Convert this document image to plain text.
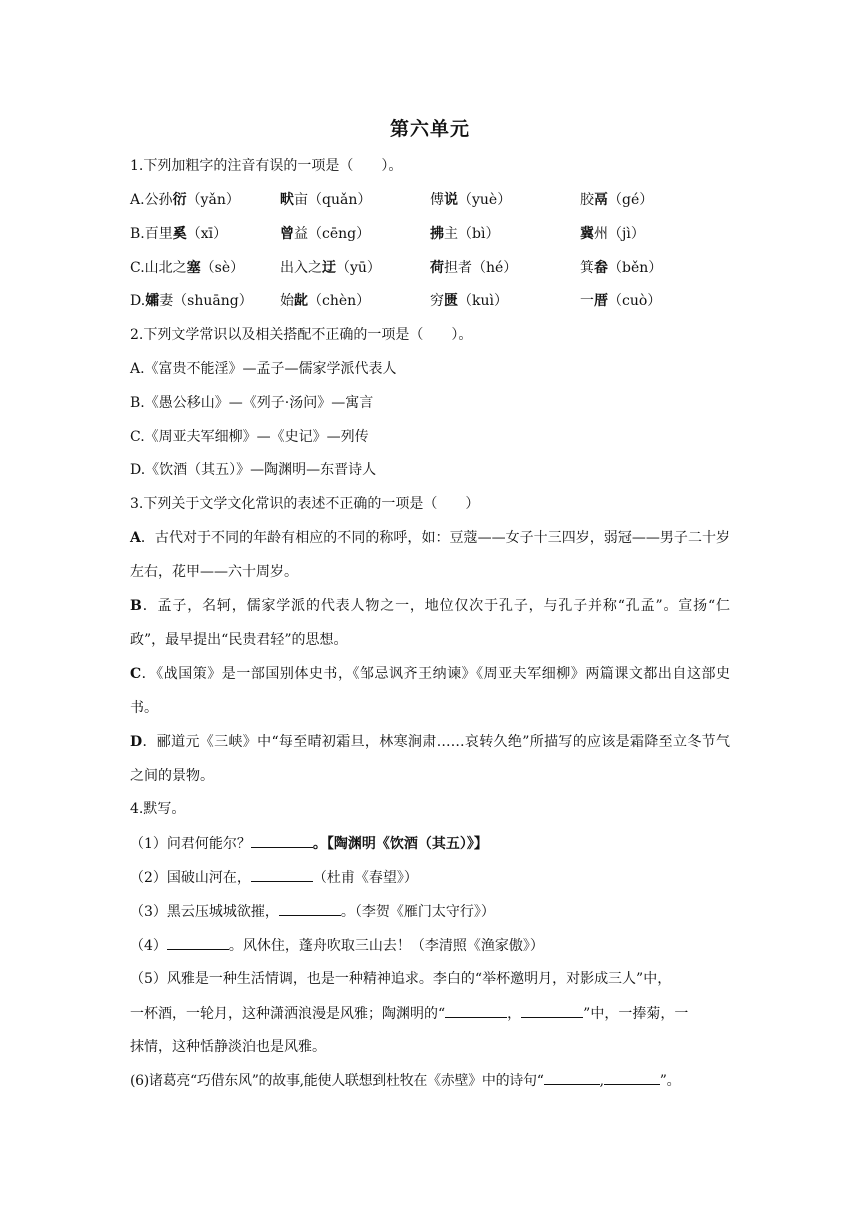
第六单元
1.下列加粗字的注音有误的一项是（　　）。
A.公孙衍（yǎn）	畎亩（quǎn）	傅说（yuè）	胶鬲（gé）
B.百里奚（xī）	曾益（cēng）	拂主（bì）	冀州（jì）
C.山北之塞（sè）	出入之迂（yū）	荷担者（hé）	箕畚（běn）
D.孀妻（shuāng） 始龀（chèn）	穷匮（kuì）	一厝（cuò）
2.下列文学常识以及相关搭配不正确的一项是（　　）。
A.《富贵不能淫》—孟子—儒家学派代表人
B.《愚公移山》—《列子·汤问》—寓言
C.《周亚夫军细柳》—《史记》—列传
D.《饮酒（其五）》—陶渊明—东晋诗人
3.下列关于文学文化常识的表述不正确的一项是（　　）
A．古代对于不同的年龄有相应的不同的称呼，如：豆蔻——女子十三四岁，弱冠——男子二十岁左右，花甲——六十周岁。
B．孟子，名轲，儒家学派的代表人物之一，地位仅次于孔子，与孔子并称“孔孟”。宣扬“仁政”，最早提出“民贵君轻”的思想。
C．《战国策》是一部国别体史书，《邹忌讽齐王纳谏》《周亚夫军细柳》两篇课文都出自这部史书。
D．郦道元《三峡》中“每至晴初霜旦，林寒涧肃……哀转久绝”所描写的应该是霜降至立冬节气之间的景物。
4.默写。
（1）问君何能尔？	。【陶渊明《饮酒（其五）》】
（2）国破山河在，	（杜甫《春望》）
（3）黑云压城城欲摧，	。（李贺《雁门太守行》）
（4）	。风休住，蓬舟吹取三山去！（李清照《渔家傲》）
（5）风雅是一种生活情调，也是一种精神追求。李白的“举杯邀明月，对影成三人”中，
一杯酒，一轮月，这种潇洒浪漫是风雅；陶渊明的“	，	”中，一捧菊，一
抹情，这种恬静淡泊也是风雅。
(6)诸葛亮“巧借东风”的故事,能使人联想到杜牧在《赤壁》中的诗句“	,	”。
